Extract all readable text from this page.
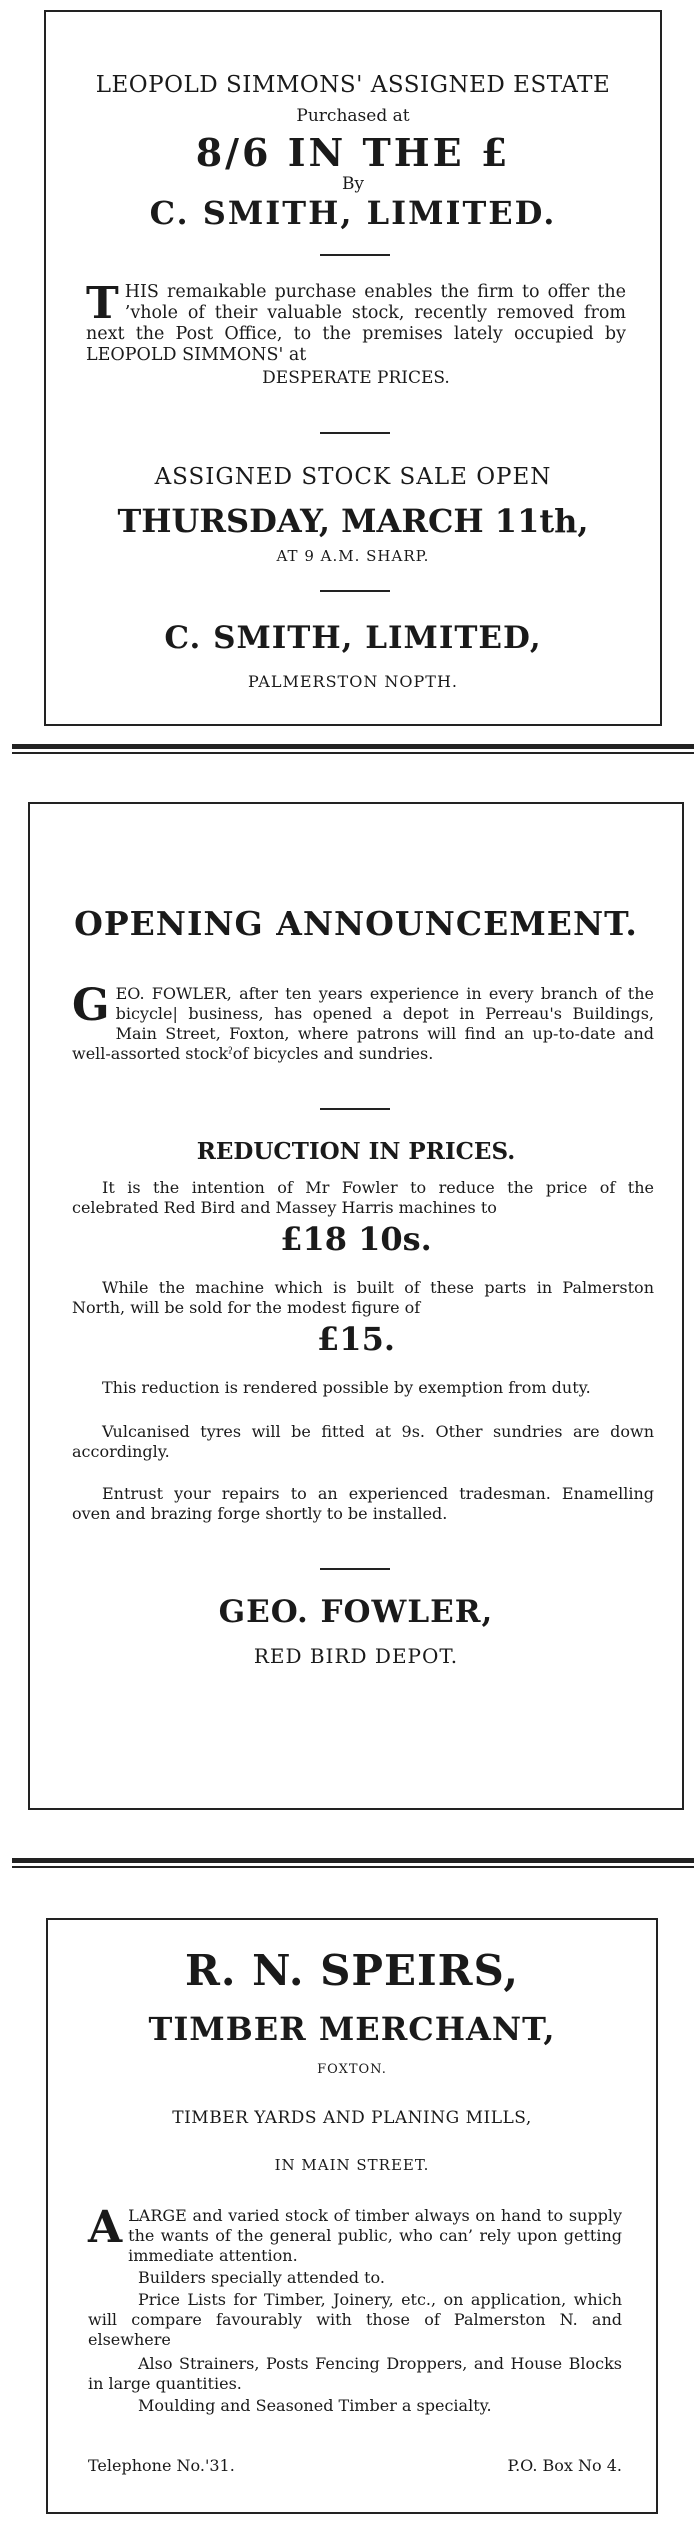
LEOPOLD SIMMONS' ASSIGNED ESTATE
Purchased at
8/6 IN THE £
By
C. SMITH, LIMITED.
T HIS remaıkable purchase enables the firm to offer the ’vhole of their valuable stock, recently removed from next the Post Office, to the premises lately occupied by LEOPOLD SIMMONS' at

DESPERATE PRICES.
ASSIGNED STOCK SALE OPEN
THURSDAY, MARCH 11th,
AT 9 A.M. SHARP.
C. SMITH, LIMITED,
PALMERSTON NOPTH.
OPENING ANNOUNCEMENT.
G EO. FOWLER, after ten years experience in every branch of the bicycle| business, has opened a depot in Perreau's Buildings, Main Street, Foxton, where patrons will find an up-to-date and well-assorted stockˀof bicycles and sundries.

REDUCTION IN PRICES.

It is the intention of Mr Fowler to reduce the price of the celebrated Red Bird and Massey Harris machines to

£18 10s.

While the machine which is built of these parts in Palmerston North, will be sold for the modest figure of

£15.

This reduction is rendered possible by exemption from duty.

Vulcanised tyres will be fitted at 9s. Other sundries are down accordingly.

Entrust your repairs to an experienced tradesman. Enamelling oven and brazing forge shortly to be installed.

GEO. FOWLER,
RED BIRD DEPOT.
R. N. SPEIRS,
TIMBER MERCHANT,
FOXTON.
TIMBER YARDS AND PLANING MILLS,
IN MAIN STREET.
A LARGE and varied stock of timber always on hand to supply the wants of the general public, who can’ rely upon getting immediate attention.

Builders specially attended to.

Price Lists for Timber, Joinery, etc., on application, which will compare favourably with those of Palmerston N. and elsewhere

Also Strainers, Posts Fencing Droppers, and House Blocks in large quantities.

Moulding and Seasoned Timber a specialty.

Telephone No.'31.	P.O. Box No 4.
